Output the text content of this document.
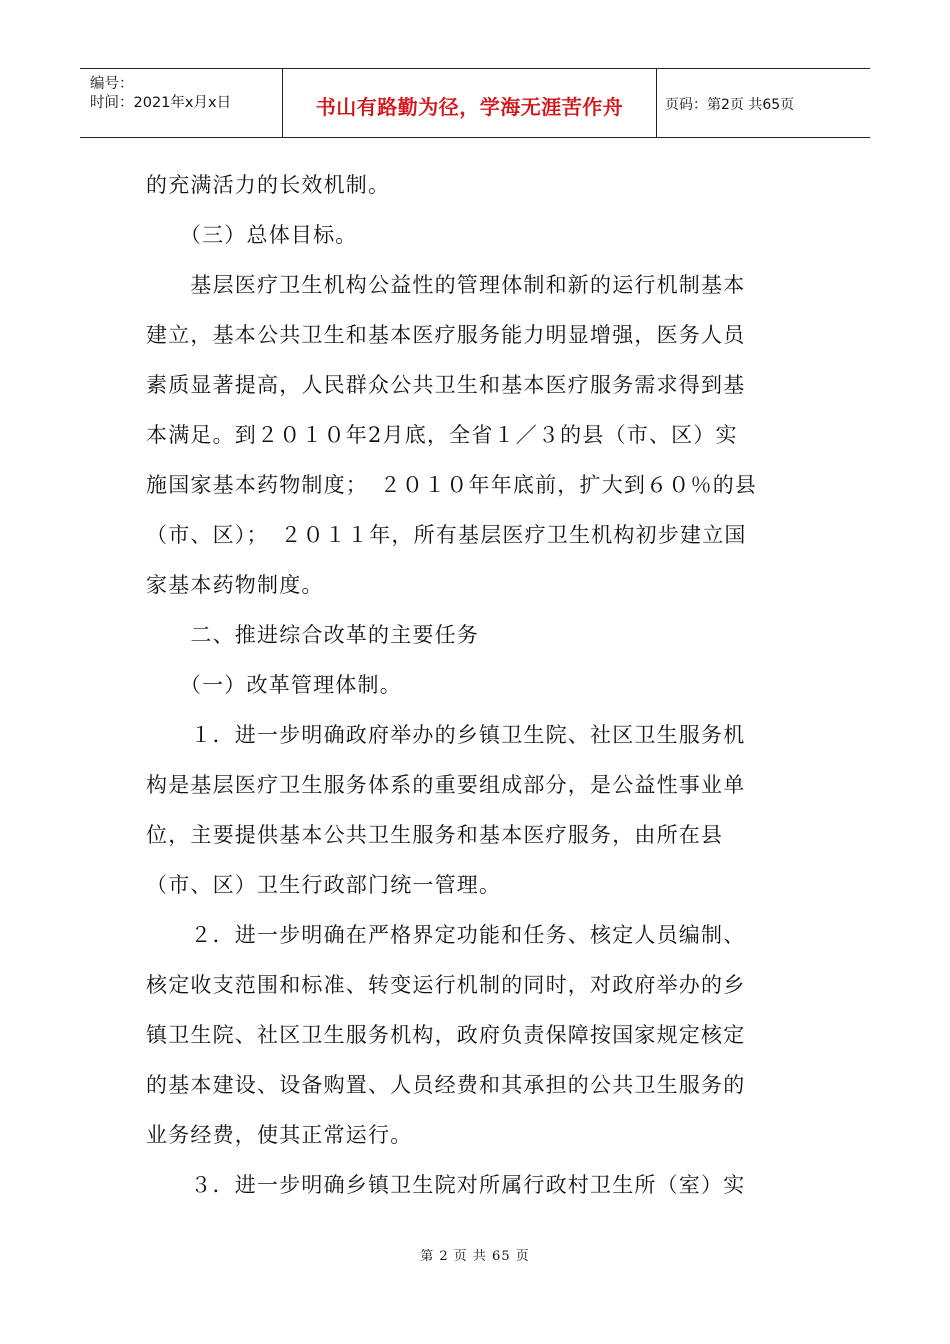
编号：
时间：2021年x月x日	书山有路勤为径，学海无涯苦作舟	页码：第2页 共65页
的充满活力的长效机制。
　　（三）总体目标。
　　基层医疗卫生机构公益性的管理体制和新的运行机制基本
建立，基本公共卫生和基本医疗服务能力明显增强，医务人员
素质显著提高，人民群众公共卫生和基本医疗服务需求得到基
本满足。到２０１０年2月底，全省１／３的县（市、区）实
施国家基本药物制度；　２０１０年年底前，扩大到６０％的县
（市、区）；　２０１１年，所有基层医疗卫生机构初步建立国
家基本药物制度。
　　二、推进综合改革的主要任务
　　（一）改革管理体制。
　　１．进一步明确政府举办的乡镇卫生院、社区卫生服务机
构是基层医疗卫生服务体系的重要组成部分，是公益性事业单
位，主要提供基本公共卫生服务和基本医疗服务，由所在县
（市、区）卫生行政部门统一管理。
　　２．进一步明确在严格界定功能和任务、核定人员编制、
核定收支范围和标准、转变运行机制的同时，对政府举办的乡
镇卫生院、社区卫生服务机构，政府负责保障按国家规定核定
的基本建设、设备购置、人员经费和其承担的公共卫生服务的
业务经费，使其正常运行。
　　３．进一步明确乡镇卫生院对所属行政村卫生所（室）实
第 2 页 共 65 页
